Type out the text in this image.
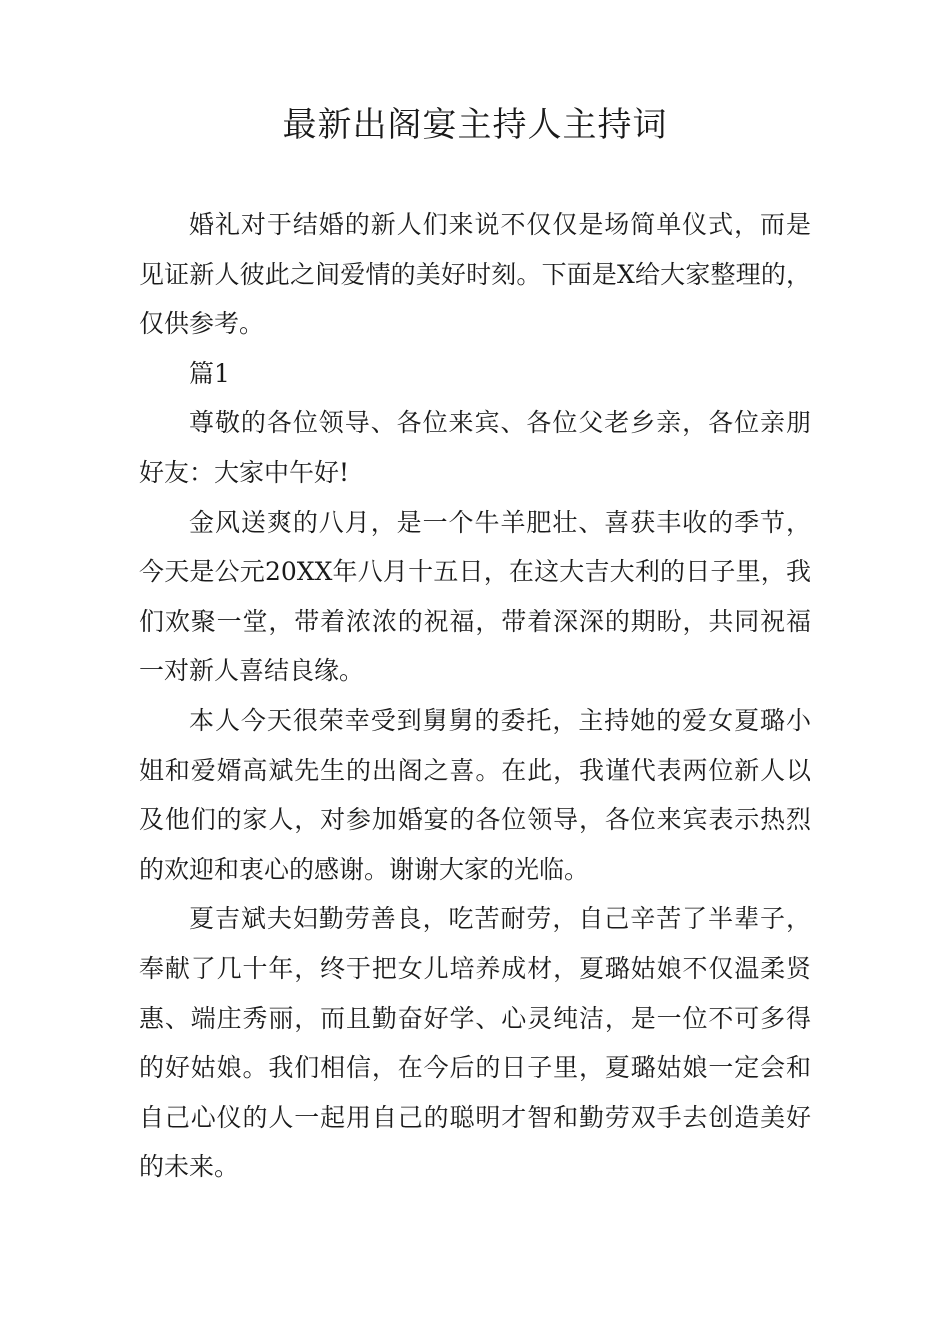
最新出阁宴主持人主持词

婚礼对于结婚的新人们来说不仅仅是场简单仪式，而是见证新人彼此之间爱情的美好时刻。下面是X给大家整理的，仅供参考。

篇1

尊敬的各位领导、各位来宾、各位父老乡亲，各位亲朋好友：大家中午好!

金风送爽的八月，是一个牛羊肥壮、喜获丰收的季节，今天是公元20XX年八月十五日，在这大吉大利的日子里，我们欢聚一堂，带着浓浓的祝福，带着深深的期盼，共同祝福一对新人喜结良缘。

本人今天很荣幸受到舅舅的委托，主持她的爱女夏璐小姐和爱婿高斌先生的出阁之喜。在此，我谨代表两位新人以及他们的家人，对参加婚宴的各位领导，各位来宾表示热烈的欢迎和衷心的感谢。谢谢大家的光临。

夏吉斌夫妇勤劳善良，吃苦耐劳，自己辛苦了半辈子，奉献了几十年，终于把女儿培养成材，夏璐姑娘不仅温柔贤惠、端庄秀丽，而且勤奋好学、心灵纯洁，是一位不可多得的好姑娘。我们相信，在今后的日子里，夏璐姑娘一定会和自己心仪的人一起用自己的聪明才智和勤劳双手去创造美好的未来。
